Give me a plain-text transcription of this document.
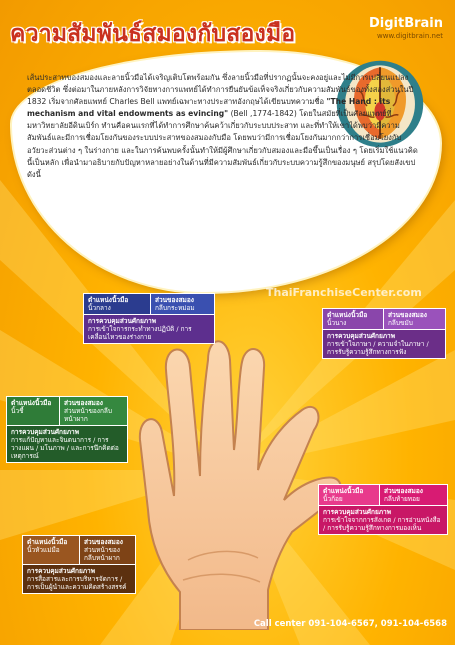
ความสัมพันธ์สมองกับสองมือ	DigitBrain
www.digitbrain.net

เส้นประสาทของสมองและลายนิ้วมือได้เจริญเติบโตพร้อมกัน ซึ่งลายนิ้วมือที่ปรากฏนั้นจะคงอยู่และไม่มีการเปลี่ยนแปลงตลอดชีวิต ซึ่งต่อมาในภายหลังการวิจัยทางการแพทย์ได้ทำการยืนยันข้อเท็จจริงเกี่ยวกับความสัมพันธ์ของทั้งสองส่วนในปี 1832 เริ่มจากศัลยแพทย์ Charles Bell แพทย์เฉพาะทางประสาทอังกฤษได้เขียนบทความชื่อ "The Hand : its mechanism and vital endowments as evincing" (Bell ,1774-1842) โดยในสมัยที่เป็นศัลยแพทย์ที่ มหาวิทยาลัยอีดินเบิร์ก ทำนคือคนแรกที่ได้ทำการศึกษาค้นคว้าเกี่ยวกับระบบประสาท และที่ทำให้เขาได้พบว่ามีความสัมพันธ์และมีการเชื่อมโยงกันของระบบประสาทของสมองกับมือ โดยพบว่ามีการเชื่อมโยงกันมากกว่าการเชื่อมโยงกับอวัยวะส่วนต่าง ๆ ในร่างกาย และในการค้นพบครั้งนั้นทำให้มีผู้ศึกษาเกี่ยวกับสมองและมือขึ้นเป็นเรื่อง ๆ โดยเริ่มใช้แนวคิดนี้เป็นหลัก เพื่อนำมาอธิบายกับปัญหาหลายอย่างในด้านที่มีความสัมพันธ์เกี่ยวกับระบบความรู้สึกของมนุษย์ สรุปโดยสังเขปดังนี้

ThaiFranchiseCenter.com
ตำแหน่งนิ้วมือ
นิ้วกลาง
ส่วนของสมอง
กลีบกระหม่อม
การควบคุมส่วนศักยภาพ
การเข้าใจการกระทำทางปฏิบัติ / การเคลื่อนไหวของร่างกาย
ตำแหน่งนิ้วมือ
นิ้วนาง
ส่วนของสมอง
กลีบขมับ
การควบคุมส่วนศักยภาพ
การเข้าใจภาษา / ความจำในภาษา / การรับรู้ความรู้สึกทางการฟัง
ตำแหน่งนิ้วมือ
นิ้วชี้
ส่วนของสมอง
ส่วนหน้าของกลีบหน้าผาก
การควบคุมส่วนศักยภาพ
การแก้ปัญหาและจินตนาการ / การวางแผน / มโนภาพ / และการนึกคิดต่อเหตุการณ์
ตำแหน่งนิ้วมือ
นิ้วก้อย
ส่วนของสมอง
กลีบท้ายทอย
การควบคุมส่วนศักยภาพ
การเข้าใจจากการสังเกต / การอ่านหนังสือ / การรับรู้ความรู้สึกทางการมองเห็น
ตำแหน่งนิ้วมือ
นิ้วหัวแม่มือ
ส่วนของสมอง
ส่วนหน้าของกลีบหน้าผาก
การควบคุมส่วนศักยภาพ
การสื่อสารและการบริหารจัดการ / การเป็นผู้นำและความคิดสร้างสรรค์
Call center 091-104-6567, 091-104-6568
